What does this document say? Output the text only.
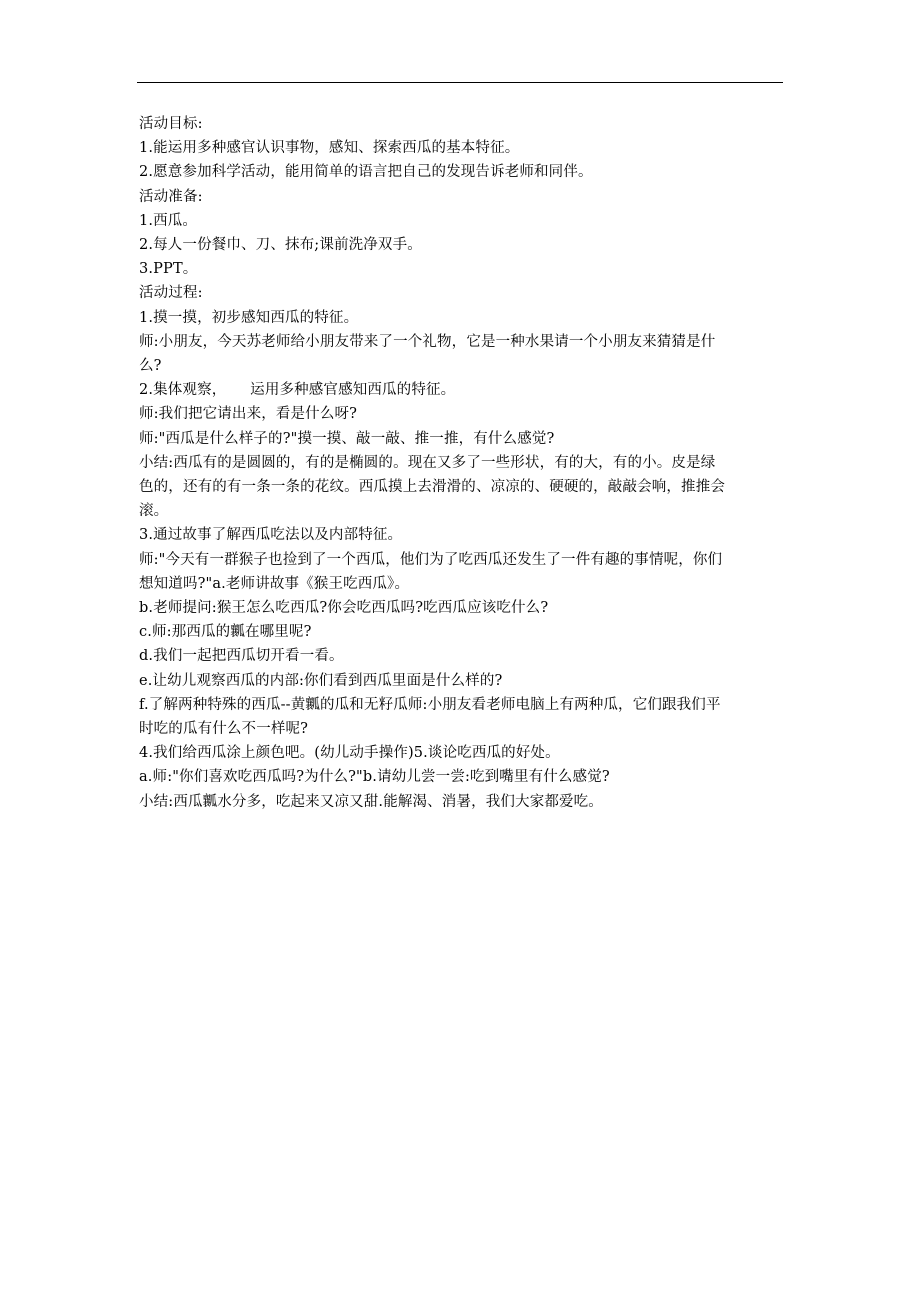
活动目标:
1.能运用多种感官认识事物，感知、探索西瓜的基本特征。
2.愿意参加科学活动，能用简单的语言把自己的发现告诉老师和同伴。
活动准备:
1.西瓜。
2.每人一份餐巾、刀、抹布;课前洗净双手。
3.PPT。
活动过程:
1.摸一摸，初步感知西瓜的特征。
师:小朋友，今天苏老师给小朋友带来了一个礼物，它是一种水果请一个小朋友来猜猜是什
么?
2.集体观察，     运用多种感官感知西瓜的特征。
师:我们把它请出来，看是什么呀?
师:"西瓜是什么样子的?"摸一摸、敲一敲、推一推，有什么感觉?
小结:西瓜有的是圆圆的，有的是椭圆的。现在又多了一些形状，有的大，有的小。皮是绿
色的，还有的有一条一条的花纹。西瓜摸上去滑滑的、凉凉的、硬硬的，敲敲会响，推推会
滚。
3.通过故事了解西瓜吃法以及内部特征。
师:"今天有一群猴子也捡到了一个西瓜，他们为了吃西瓜还发生了一件有趣的事情呢，你们
想知道吗?"a.老师讲故事《猴王吃西瓜》。
b.老师提问:猴王怎么吃西瓜?你会吃西瓜吗?吃西瓜应该吃什么?
c.师:那西瓜的瓤在哪里呢?
d.我们一起把西瓜切开看一看。
e.让幼儿观察西瓜的内部:你们看到西瓜里面是什么样的?
f.了解两种特殊的西瓜--黄瓤的瓜和无籽瓜师:小朋友看老师电脑上有两种瓜，它们跟我们平
时吃的瓜有什么不一样呢?
4.我们给西瓜涂上颜色吧。(幼儿动手操作)5.谈论吃西瓜的好处。
a.师:"你们喜欢吃西瓜吗?为什么?"b.请幼儿尝一尝:吃到嘴里有什么感觉?
小结:西瓜瓤水分多，吃起来又凉又甜.能解渴、消暑，我们大家都爱吃。
